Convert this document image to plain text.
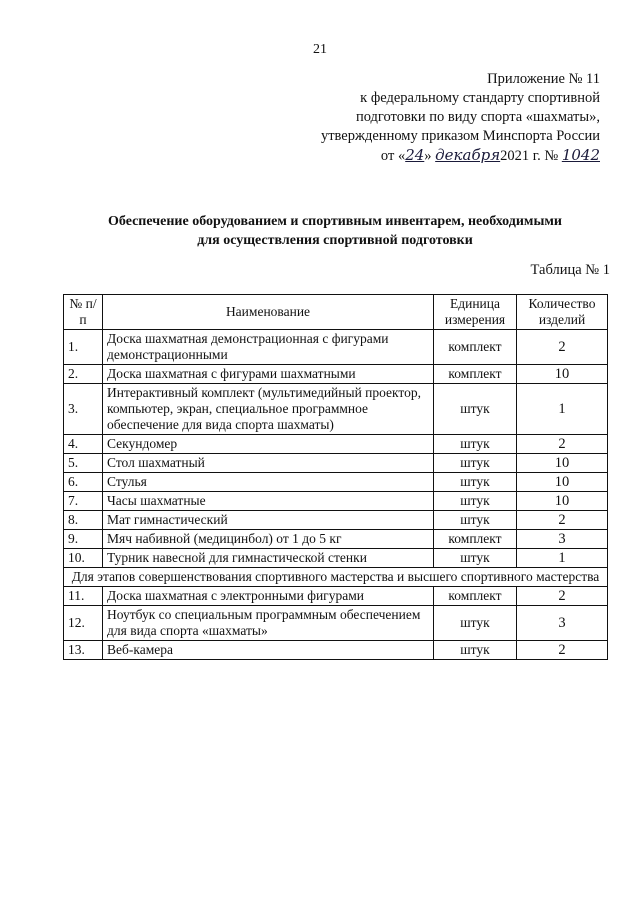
21
Приложение № 11
к федеральному стандарту спортивной
подготовки по виду спорта «шахматы»,
утвержденному приказом Минспорта России
от «24» декабря2021 г. № 1042
Обеспечение оборудованием и спортивным инвентарем, необходимыми
для осуществления спортивной подготовки
Таблица № 1
№ п/п	Наименование	Единица измерения	Количество изделий
1.	Доска шахматная демонстрационная с фигурами демонстрационными	комплект	2
2.	Доска шахматная с фигурами шахматными	комплект	10
3.	Интерактивный комплект (мультимедийный проектор, компьютер, экран, специальное программное обеспечение для вида спорта шахматы)	штук	1
4.	Секундомер	штук	2
5.	Стол шахматный	штук	10
6.	Стулья	штук	10
7.	Часы шахматные	штук	10
8.	Мат гимнастический	штук	2
9.	Мяч набивной (медицинбол) от 1 до 5 кг	комплект	3
10.	Турник навесной для гимнастической стенки	штук	1
Для этапов совершенствования спортивного мастерства и высшего спортивного мастерства			
11.	Доска шахматная с электронными фигурами	комплект	2
12.	Ноутбук со специальным программным обеспечением для вида спорта «шахматы»	штук	3
13.	Веб-камера	штук	2
